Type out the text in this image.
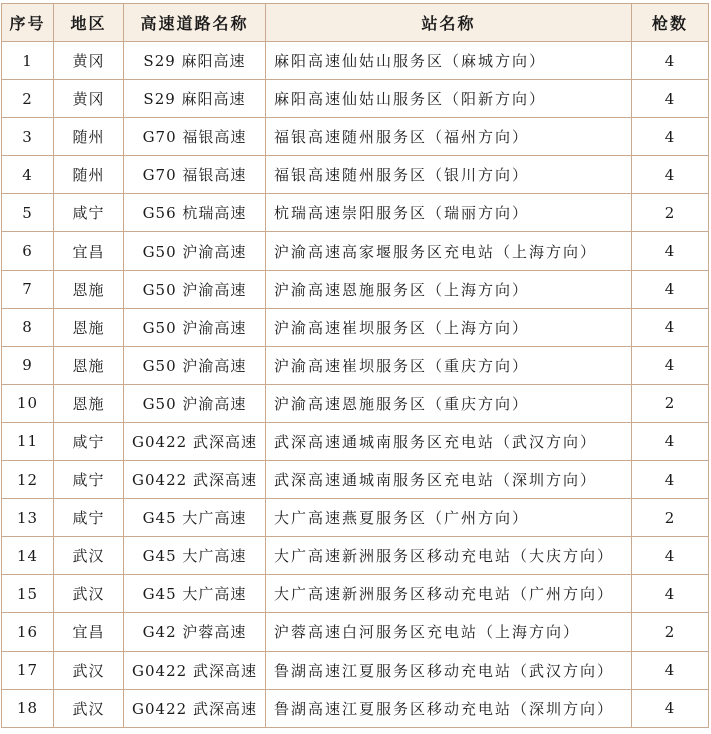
序号	地区	高速道路名称	站名称	枪数
1	黄冈	S29 麻阳高速	麻阳高速仙姑山服务区（麻城方向）	4
2	黄冈	S29 麻阳高速	麻阳高速仙姑山服务区（阳新方向）	4
3	随州	G70 福银高速	福银高速随州服务区（福州方向）	4
4	随州	G70 福银高速	福银高速随州服务区（银川方向）	4
5	咸宁	G56 杭瑞高速	杭瑞高速崇阳服务区（瑞丽方向）	2
6	宜昌	G50 沪渝高速	沪渝高速高家堰服务区充电站（上海方向）	4
7	恩施	G50 沪渝高速	沪渝高速恩施服务区（上海方向）	4
8	恩施	G50 沪渝高速	沪渝高速崔坝服务区（上海方向）	4
9	恩施	G50 沪渝高速	沪渝高速崔坝服务区（重庆方向）	4
10	恩施	G50 沪渝高速	沪渝高速恩施服务区（重庆方向）	2
11	咸宁	G0422 武深高速	武深高速通城南服务区充电站（武汉方向）	4
12	咸宁	G0422 武深高速	武深高速通城南服务区充电站（深圳方向）	4
13	咸宁	G45 大广高速	大广高速燕夏服务区（广州方向）	2
14	武汉	G45 大广高速	大广高速新洲服务区移动充电站（大庆方向）	4
15	武汉	G45 大广高速	大广高速新洲服务区移动充电站（广州方向）	4
16	宜昌	G42 沪蓉高速	沪蓉高速白河服务区充电站（上海方向）	2
17	武汉	G0422 武深高速	鲁湖高速江夏服务区移动充电站（武汉方向）	4
18	武汉	G0422 武深高速	鲁湖高速江夏服务区移动充电站（深圳方向）	4
